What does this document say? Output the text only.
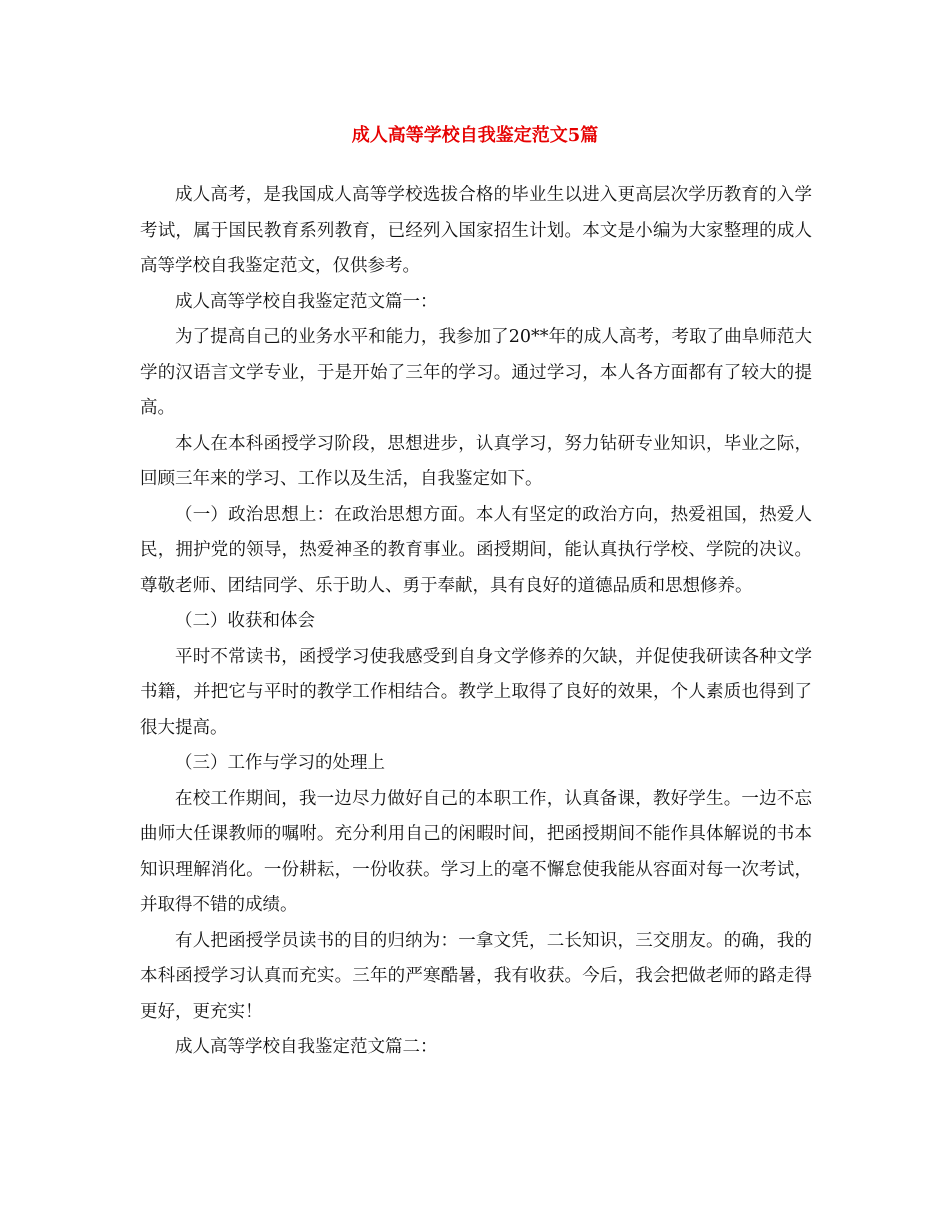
成人高等学校自我鉴定范文5篇

成人高考，是我国成人高等学校选拔合格的毕业生以进入更高层次学历教育的入学考试，属于国民教育系列教育，已经列入国家招生计划。本文是小编为大家整理的成人高等学校自我鉴定范文，仅供参考。

成人高等学校自我鉴定范文篇一：

为了提高自己的业务水平和能力，我参加了20**年的成人高考，考取了曲阜师范大学的汉语言文学专业，于是开始了三年的学习。通过学习，本人各方面都有了较大的提高。

本人在本科函授学习阶段，思想进步，认真学习，努力钻研专业知识，毕业之际，回顾三年来的学习、工作以及生活，自我鉴定如下。

（一）政治思想上：在政治思想方面。本人有坚定的政治方向，热爱祖国，热爱人民，拥护党的领导，热爱神圣的教育事业。函授期间，能认真执行学校、学院的决议。尊敬老师、团结同学、乐于助人、勇于奉献，具有良好的道德品质和思想修养。

（二）收获和体会

平时不常读书，函授学习使我感受到自身文学修养的欠缺，并促使我研读各种文学书籍，并把它与平时的教学工作相结合。教学上取得了良好的效果，个人素质也得到了很大提高。

（三）工作与学习的处理上

在校工作期间，我一边尽力做好自己的本职工作，认真备课，教好学生。一边不忘曲师大任课教师的嘱咐。充分利用自己的闲暇时间，把函授期间不能作具体解说的书本知识理解消化。一份耕耘，一份收获。学习上的毫不懈怠使我能从容面对每一次考试，并取得不错的成绩。

有人把函授学员读书的目的归纳为：一拿文凭，二长知识，三交朋友。的确，我的本科函授学习认真而充实。三年的严寒酷暑，我有收获。今后，我会把做老师的路走得更好，更充实！

成人高等学校自我鉴定范文篇二：
